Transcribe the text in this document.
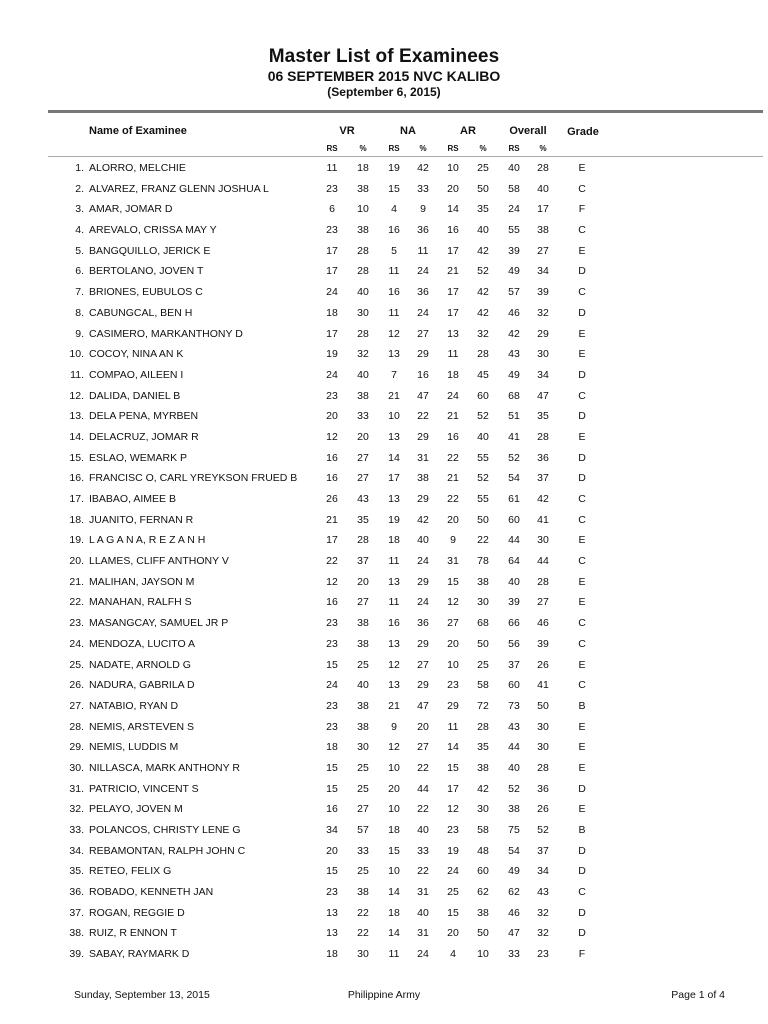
Master List of Examinees
06 SEPTEMBER 2015 NVC KALIBO
(September 6, 2015)
Name of Examinee	VR	NA	AR	Overall	Grade
RS	%	RS	%	RS	%	RS	%
1. ALORRO, MELCHIE	11	18	19	42	10	25	40	28	E
2. ALVAREZ, FRANZ GLENN JOSHUA L	23	38	15	33	20	50	58	40	C
3. AMAR, JOMAR D	6	10	4	9	14	35	24	17	F
4. AREVALO, CRISSA MAY Y	23	38	16	36	16	40	55	38	C
5. BANGQUILLO, JERICK E	17	28	5	11	17	42	39	27	E
6. BERTOLANO, JOVEN T	17	28	11	24	21	52	49	34	D
7. BRIONES, EUBULOS C	24	40	16	36	17	42	57	39	C
8. CABUNGCAL, BEN H	18	30	11	24	17	42	46	32	D
9. CASIMERO, MARKANTHONY D	17	28	12	27	13	32	42	29	E
10. COCOY, NINA AN K	19	32	13	29	11	28	43	30	E
11. COMPAO, AILEEN I	24	40	7	16	18	45	49	34	D
12. DALIDA, DANIEL B	23	38	21	47	24	60	68	47	C
13. DELA PENA, MYRBEN	20	33	10	22	21	52	51	35	D
14. DELACRUZ, JOMAR R	12	20	13	29	16	40	41	28	E
15. ESLAO, WEMARK P	16	27	14	31	22	55	52	36	D
16. FRANCISC O, CARL YREYKSON FRUED B	16	27	17	38	21	52	54	37	D
17. IBABAO, AIMEE B	26	43	13	29	22	55	61	42	C
18. JUANITO, FERNAN R	21	35	19	42	20	50	60	41	C
19. L A G A N A, R E Z A N H	17	28	18	40	9	22	44	30	E
20. LLAMES, CLIFF ANTHONY V	22	37	11	24	31	78	64	44	C
21. MALIHAN, JAYSON M	12	20	13	29	15	38	40	28	E
22. MANAHAN, RALFH S	16	27	11	24	12	30	39	27	E
23. MASANGCAY, SAMUEL JR P	23	38	16	36	27	68	66	46	C
24. MENDOZA, LUCITO A	23	38	13	29	20	50	56	39	C
25. NADATE, ARNOLD G	15	25	12	27	10	25	37	26	E
26. NADURA, GABRILA D	24	40	13	29	23	58	60	41	C
27. NATABIO, RYAN D	23	38	21	47	29	72	73	50	B
28. NEMIS, ARSTEVEN S	23	38	9	20	11	28	43	30	E
29. NEMIS, LUDDIS M	18	30	12	27	14	35	44	30	E
30. NILLASCA, MARK ANTHONY R	15	25	10	22	15	38	40	28	E
31. PATRICIO, VINCENT S	15	25	20	44	17	42	52	36	D
32. PELAYO, JOVEN M	16	27	10	22	12	30	38	26	E
33. POLANCOS, CHRISTY LENE G	34	57	18	40	23	58	75	52	B
34. REBAMONTAN, RALPH JOHN C	20	33	15	33	19	48	54	37	D
35. RETEO, FELIX G	15	25	10	22	24	60	49	34	D
36. ROBADO, KENNETH JAN	23	38	14	31	25	62	62	43	C
37. ROGAN, REGGIE D	13	22	18	40	15	38	46	32	D
38. RUIZ, R ENNON T	13	22	14	31	20	50	47	32	D
39. SABAY, RAYMARK D	18	30	11	24	4	10	33	23	F
Sunday, September 13, 2015	Philippine Army	Page 1 of 4
